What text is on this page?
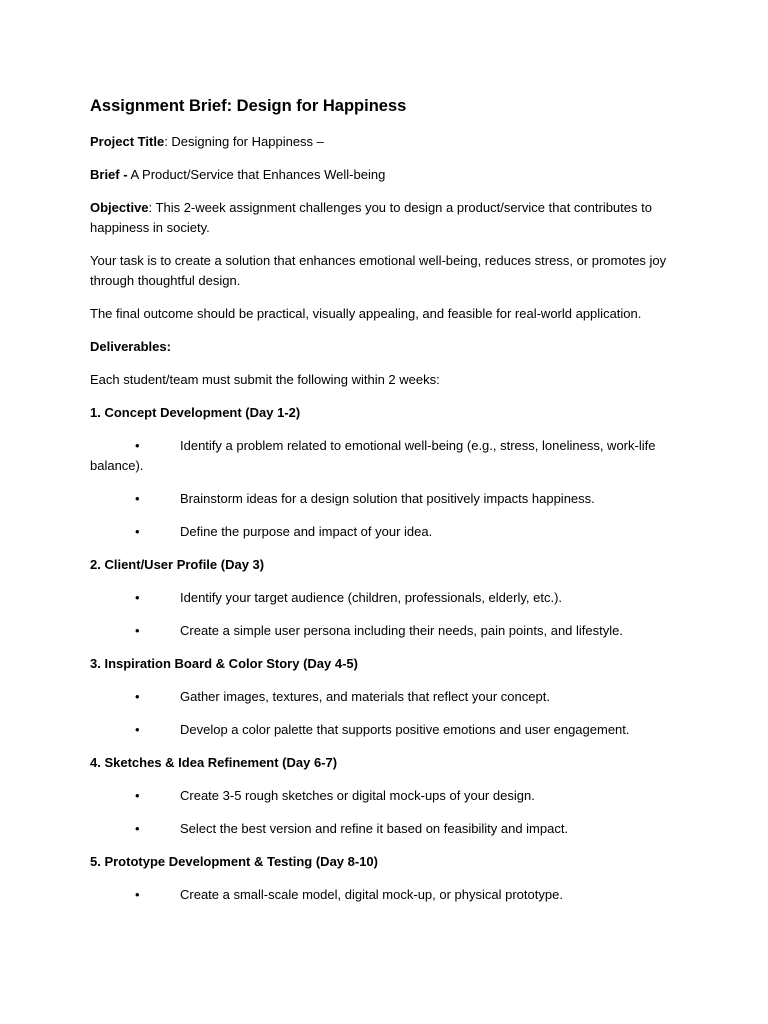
Assignment Brief: Design for Happiness

Project Title: Designing for Happiness –

Brief - A Product/Service that Enhances Well-being

Objective: This 2-week assignment challenges you to design a product/service that contributes to happiness in society.

Your task is to create a solution that enhances emotional well-being, reduces stress, or promotes joy through thoughtful design.

The final outcome should be practical, visually appealing, and feasible for real-world application.

Deliverables:

Each student/team must submit the following within 2 weeks:

1. Concept Development (Day 1-2)

•	Identify a problem related to emotional well-being (e.g., stress, loneliness, work-life balance).

•	Brainstorm ideas for a design solution that positively impacts happiness.

•	Define the purpose and impact of your idea.

2. Client/User Profile (Day 3)

•	Identify your target audience (children, professionals, elderly, etc.).

•	Create a simple user persona including their needs, pain points, and lifestyle.

3. Inspiration Board & Color Story (Day 4-5)

•	Gather images, textures, and materials that reflect your concept.

•	Develop a color palette that supports positive emotions and user engagement.

4. Sketches & Idea Refinement (Day 6-7)

•	Create 3-5 rough sketches or digital mock-ups of your design.

•	Select the best version and refine it based on feasibility and impact.

5. Prototype Development & Testing (Day 8-10)

•	Create a small-scale model, digital mock-up, or physical prototype.
